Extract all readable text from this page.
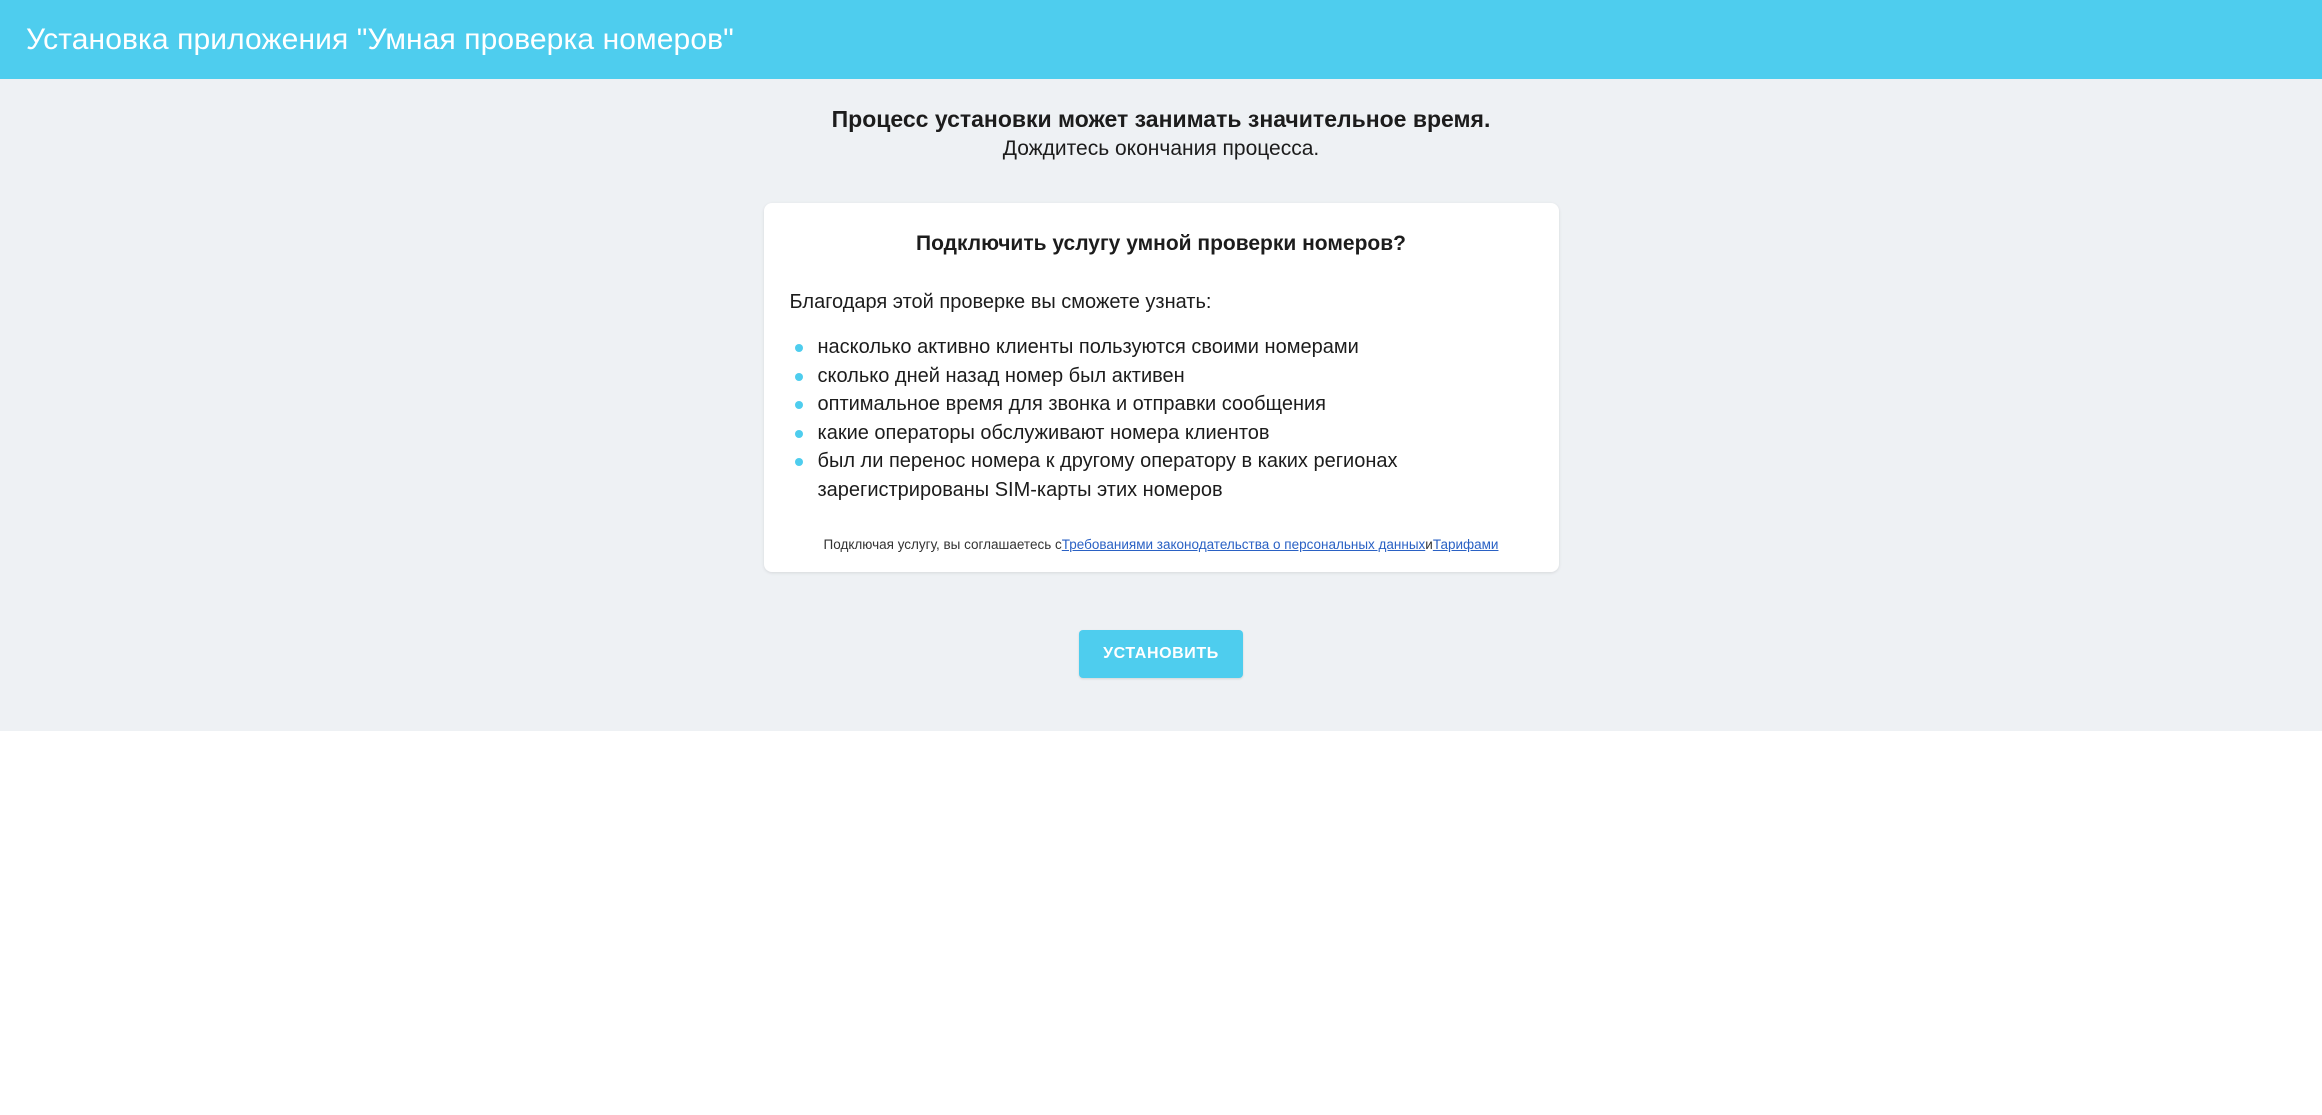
Установка приложения "Умная проверка номеров"
Процесс установки может занимать значительное время.
Дождитесь окончания процесса.
Подключить услугу умной проверки номеров?
Благодаря этой проверке вы сможете узнать:
насколько активно клиенты пользуются своими номерами
сколько дней назад номер был активен
оптимальное время для звонка и отправки сообщения
какие операторы обслуживают номера клиентов
был ли перенос номера к другому оператору в каких регионах зарегистрированы SIM-карты этих номеров
Подключая услугу, вы соглашаетесь сТребованиями законодательства о персональных данныхиТарифами
УСТАНОВИТЬ
